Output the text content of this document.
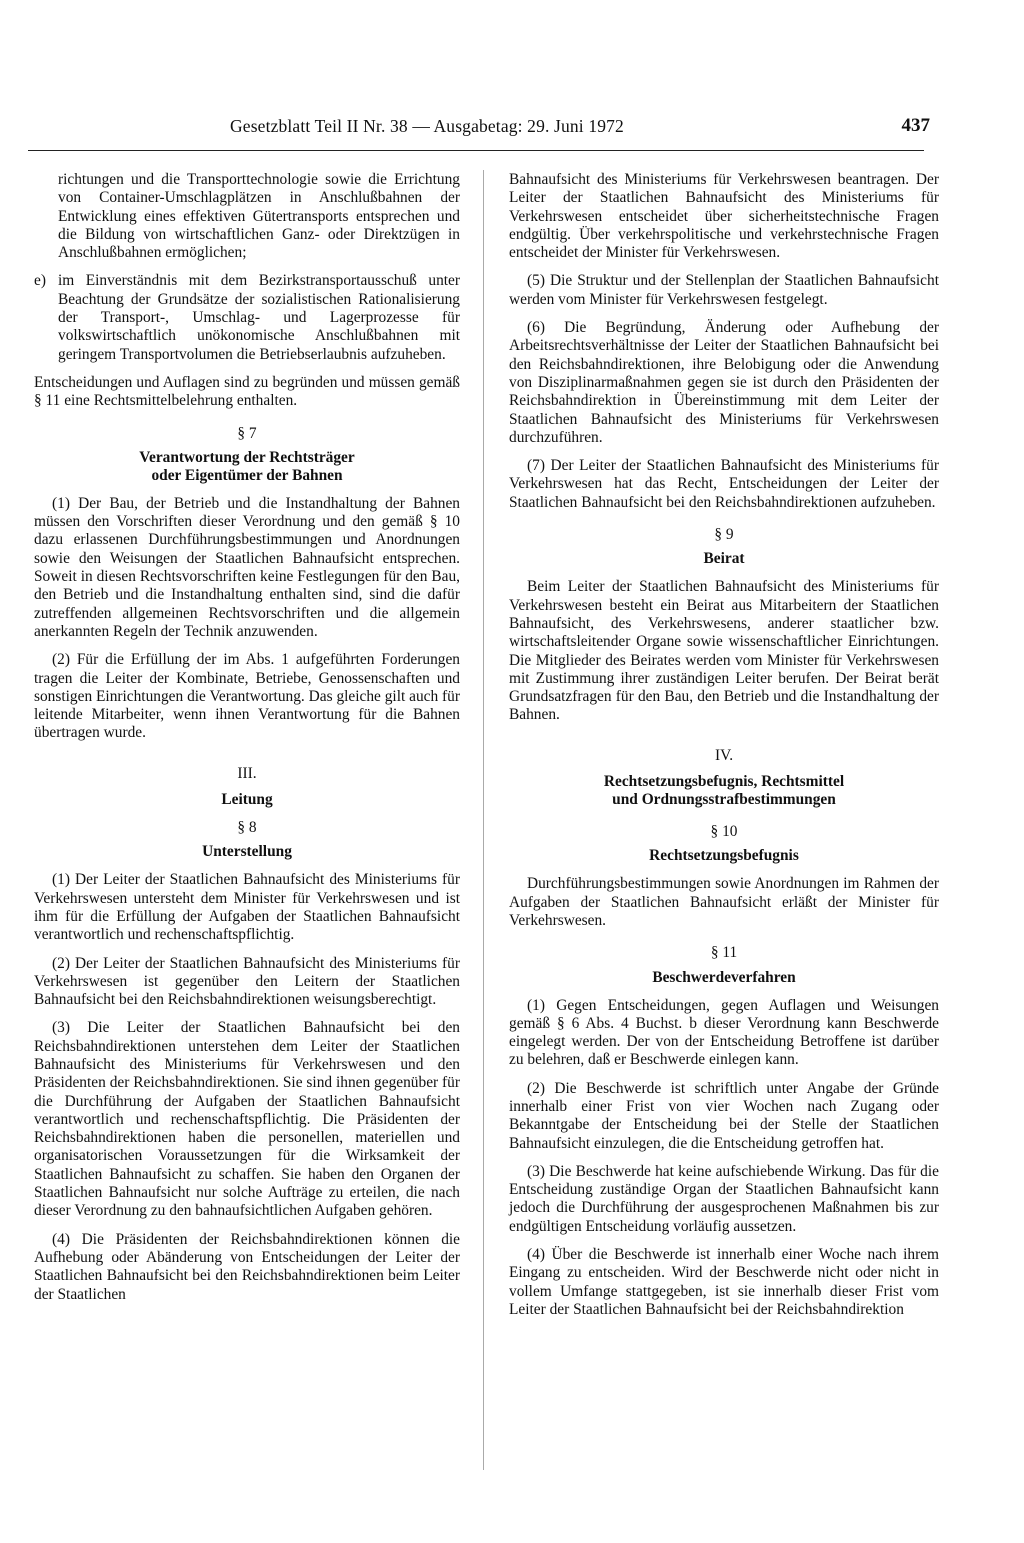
Gesetzblatt Teil II Nr. 38 — Ausgabetag: 29. Juni 1972	437

richtungen und die Transporttechnologie sowie die Errichtung von Container-Umschlagplätzen in Anschlußbahnen der Entwicklung eines effektiven Gütertransports entsprechen und die Bildung von wirtschaftlichen Ganz- oder Direktzügen in Anschlußbahnen ermöglichen;

e) im Einverständnis mit dem Bezirkstransportausschuß unter Beachtung der Grundsätze der sozialistischen Rationalisierung der Transport-, Umschlag- und Lagerprozesse für volkswirtschaftlich unökonomische Anschlußbahnen mit geringem Transportvolumen die Betriebserlaubnis aufzuheben.

Entscheidungen und Auflagen sind zu begründen und müssen gemäß § 11 eine Rechtsmittelbelehrung enthalten.

§ 7
Verantwortung der Rechtsträger
oder Eigentümer der Bahnen

(1) Der Bau, der Betrieb und die Instandhaltung der Bahnen müssen den Vorschriften dieser Verordnung und den gemäß § 10 dazu erlassenen Durchführungsbestimmungen und Anordnungen sowie den Weisungen der Staatlichen Bahnaufsicht entsprechen. Soweit in diesen Rechtsvorschriften keine Festlegungen für den Bau, den Betrieb und die Instandhaltung enthalten sind, sind die dafür zutreffenden allgemeinen Rechtsvorschriften und die allgemein anerkannten Regeln der Technik anzuwenden.

(2) Für die Erfüllung der im Abs. 1 aufgeführten Forderungen tragen die Leiter der Kombinate, Betriebe, Genossenschaften und sonstigen Einrichtungen die Verantwortung. Das gleiche gilt auch für leitende Mitarbeiter, wenn ihnen Verantwortung für die Bahnen übertragen wurde.

III.
Leitung
§ 8
Unterstellung

(1) Der Leiter der Staatlichen Bahnaufsicht des Ministeriums für Verkehrswesen untersteht dem Minister für Verkehrswesen und ist ihm für die Erfüllung der Aufgaben der Staatlichen Bahnaufsicht verantwortlich und rechenschaftspflichtig.

(2) Der Leiter der Staatlichen Bahnaufsicht des Ministeriums für Verkehrswesen ist gegenüber den Leitern der Staatlichen Bahnaufsicht bei den Reichsbahndirektionen weisungsberechtigt.

(3) Die Leiter der Staatlichen Bahnaufsicht bei den Reichsbahndirektionen unterstehen dem Leiter der Staatlichen Bahnaufsicht des Ministeriums für Verkehrswesen und den Präsidenten der Reichsbahndirektionen. Sie sind ihnen gegenüber für die Durchführung der Aufgaben der Staatlichen Bahnaufsicht verantwortlich und rechenschaftspflichtig. Die Präsidenten der Reichsbahndirektionen haben die personellen, materiellen und organisatorischen Voraussetzungen für die Wirksamkeit der Staatlichen Bahnaufsicht zu schaffen. Sie haben den Organen der Staatlichen Bahnaufsicht nur solche Aufträge zu erteilen, die nach dieser Verordnung zu den bahnaufsichtlichen Aufgaben gehören.

(4) Die Präsidenten der Reichsbahndirektionen können die Aufhebung oder Abänderung von Entscheidungen der Leiter der Staatlichen Bahnaufsicht bei den Reichsbahndirektionen beim Leiter der Staatlichen

Bahnaufsicht des Ministeriums für Verkehrswesen beantragen. Der Leiter der Staatlichen Bahnaufsicht des Ministeriums für Verkehrswesen entscheidet über sicherheitstechnische Fragen endgültig. Über verkehrspolitische und verkehrstechnische Fragen entscheidet der Minister für Verkehrswesen.

(5) Die Struktur und der Stellenplan der Staatlichen Bahnaufsicht werden vom Minister für Verkehrswesen festgelegt.

(6) Die Begründung, Änderung oder Aufhebung der Arbeitsrechtsverhältnisse der Leiter der Staatlichen Bahnaufsicht bei den Reichsbahndirektionen, ihre Belobigung oder die Anwendung von Disziplinarmaßnahmen gegen sie ist durch den Präsidenten der Reichsbahndirektion in Übereinstimmung mit dem Leiter der Staatlichen Bahnaufsicht des Ministeriums für Verkehrswesen durchzuführen.

(7) Der Leiter der Staatlichen Bahnaufsicht des Ministeriums für Verkehrswesen hat das Recht, Entscheidungen der Leiter der Staatlichen Bahnaufsicht bei den Reichsbahndirektionen aufzuheben.

§ 9
Beirat

Beim Leiter der Staatlichen Bahnaufsicht des Ministeriums für Verkehrswesen besteht ein Beirat aus Mitarbeitern der Staatlichen Bahnaufsicht, des Verkehrswesens, anderer staatlicher bzw. wirtschaftsleitender Organe sowie wissenschaftlicher Einrichtungen. Die Mitglieder des Beirates werden vom Minister für Verkehrswesen mit Zustimmung ihrer zuständigen Leiter berufen. Der Beirat berät Grundsatzfragen für den Bau, den Betrieb und die Instandhaltung der Bahnen.

IV.
Rechtsetzungsbefugnis, Rechtsmittel
und Ordnungsstrafbestimmungen
§ 10
Rechtsetzungsbefugnis

Durchführungsbestimmungen sowie Anordnungen im Rahmen der Aufgaben der Staatlichen Bahnaufsicht erläßt der Minister für Verkehrswesen.

§ 11
Beschwerdeverfahren

(1) Gegen Entscheidungen, gegen Auflagen und Weisungen gemäß § 6 Abs. 4 Buchst. b dieser Verordnung kann Beschwerde eingelegt werden. Der von der Entscheidung Betroffene ist darüber zu belehren, daß er Beschwerde einlegen kann.

(2) Die Beschwerde ist schriftlich unter Angabe der Gründe innerhalb einer Frist von vier Wochen nach Zugang oder Bekanntgabe der Entscheidung bei der Stelle der Staatlichen Bahnaufsicht einzulegen, die die Entscheidung getroffen hat.

(3) Die Beschwerde hat keine aufschiebende Wirkung. Das für die Entscheidung zuständige Organ der Staatlichen Bahnaufsicht kann jedoch die Durchführung der ausgesprochenen Maßnahmen bis zur endgültigen Entscheidung vorläufig aussetzen.

(4) Über die Beschwerde ist innerhalb einer Woche nach ihrem Eingang zu entscheiden. Wird der Beschwerde nicht oder nicht in vollem Umfange stattgegeben, ist sie innerhalb dieser Frist vom Leiter der Staatlichen Bahnaufsicht bei der Reichsbahndirektion
